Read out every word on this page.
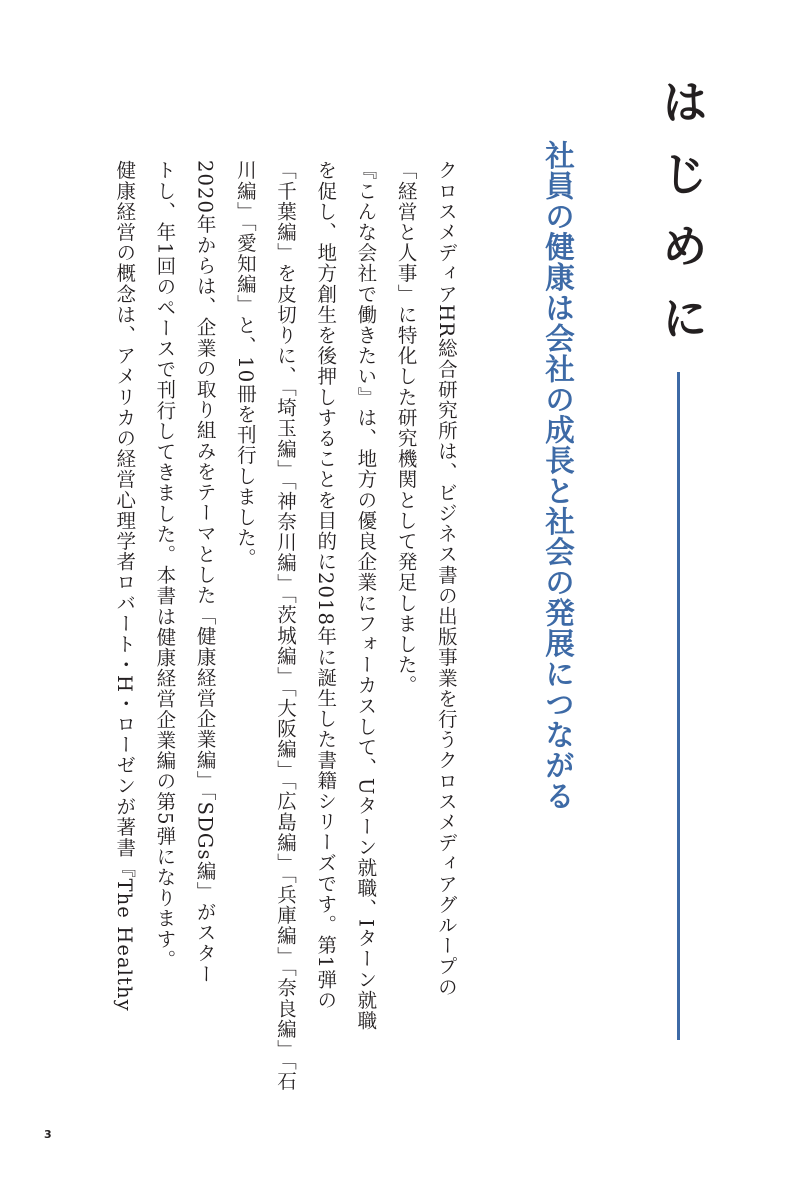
はじめに
社員の健康は会社の成長と社会の発展につながる
クロスメディアHR総合研究所は、ビジネス書の出版事業を行うクロスメディアグループの
「経営と人事」に特化した研究機関として発足しました。
『こんな会社で働きたい』は、地方の優良企業にフォーカスして、Uターン就職、Iターン就職
を促し、地方創生を後押しすることを目的に2018年に誕生した書籍シリーズです。第1弾の
「千葉編」を皮切りに、「埼玉編」「神奈川編」「茨城編」「大阪編」「広島編」「兵庫編」「奈良編」「石
川編」「愛知編」と、10冊を刊行しました。
2020年からは、企業の取り組みをテーマとした「健康経営企業編」「SDGs編」がスター
トし、年1回のペースで刊行してきました。本書は健康経営企業編の第5弾になります。
健康経営の概念は、アメリカの経営心理学者ロバート・H・ローゼンが著書『The Healthy
3
